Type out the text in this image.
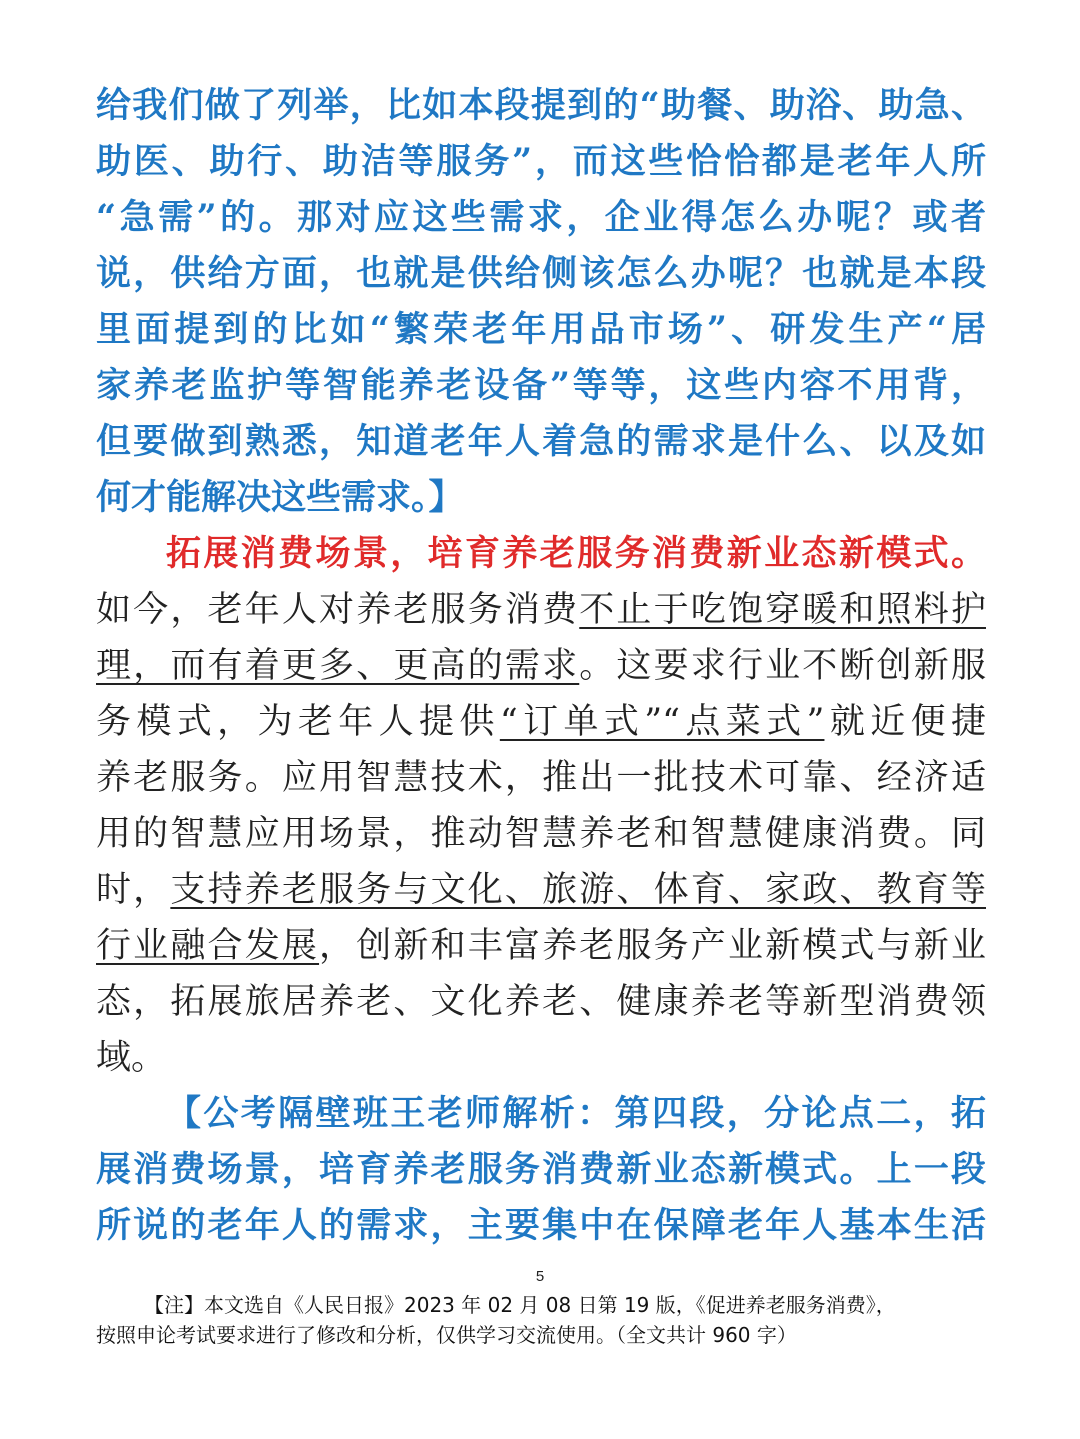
给我们做了列举，比如本段提到的“助餐、助浴、助急、
助医、助行、助洁等服务”，而这些恰恰都是老年人所
“急需”的。那对应这些需求，企业得怎么办呢？或者
说，供给方面，也就是供给侧该怎么办呢？也就是本段
里面提到的比如“繁荣老年用品市场”、研发生产“居
家养老监护等智能养老设备”等等，这些内容不用背，
但要做到熟悉，知道老年人着急的需求是什么、以及如
何才能解决这些需求。】
拓展消费场景，培育养老服务消费新业态新模式。
如今，老年人对养老服务消费不止于吃饱穿暖和照料护
理，而有着更多、更高的需求。这要求行业不断创新服
务模式，为老年人提供“订单式”“点菜式”就近便捷
养老服务。应用智慧技术，推出一批技术可靠、经济适
用的智慧应用场景，推动智慧养老和智慧健康消费。同
时，支持养老服务与文化、旅游、体育、家政、教育等
行业融合发展，创新和丰富养老服务产业新模式与新业
态，拓展旅居养老、文化养老、健康养老等新型消费领
域。
【公考隔壁班王老师解析：第四段，分论点二，拓
展消费场景，培育养老服务消费新业态新模式。上一段
所说的老年人的需求，主要集中在保障老年人基本生活
5
【注】本文选自《人民日报》2023 年 02 月 08 日第 19 版，《促进养老服务消费》，
按照申论考试要求进行了修改和分析，仅供学习交流使用。（全文共计 960 字）
